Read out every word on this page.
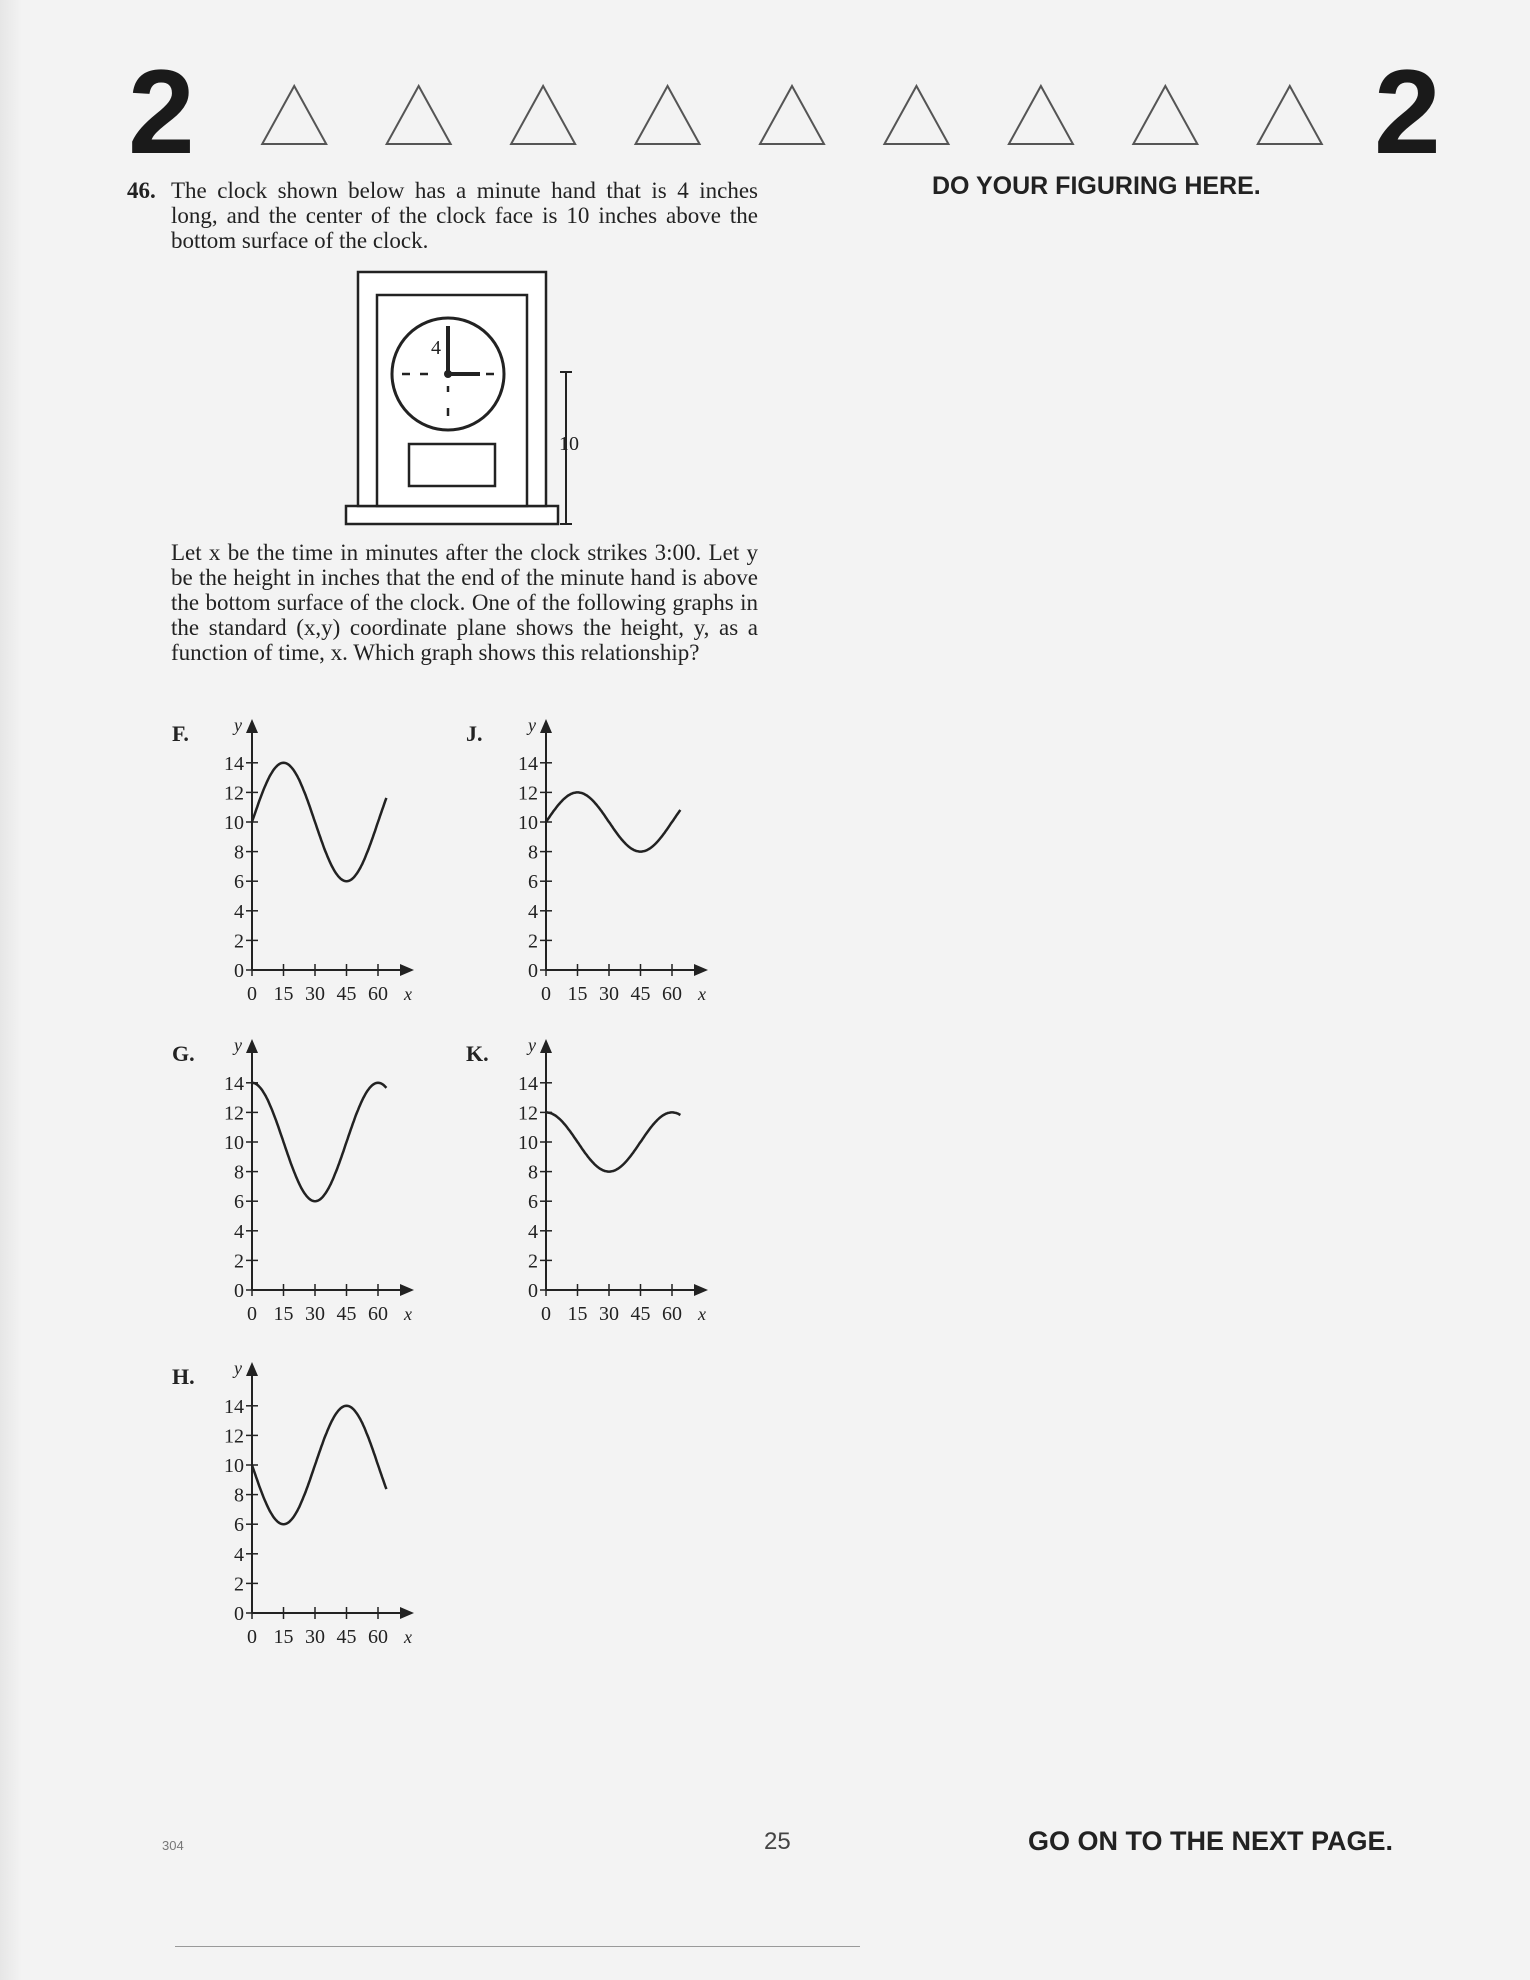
2	2
46. The clock shown below has a minute hand that is 4 inches long, and the center of the clock face is 10 inches above the bottom surface of the clock.
DO YOUR FIGURING HERE.
4
10
Let x be the time in minutes after the clock strikes 3:00. Let y be the height in inches that the end of the minute hand is above the bottom surface of the clock. One of the following graphs in the standard (x,y) coordinate plane shows the height, y, as a function of time, x. Which graph shows this relationship?
F.	y
x
0
2
4
6
8
10
12
14
0 15 30 45 60
J.	y
x
0
2
4
6
8
10
12
14
0 15 30 45 60
G. y
x
0
2
4
6
8
10
12
14
0 15 30 45 60
K. y
x
0
2
4
6
8
10
12
14
0 15 30 45 60
H. y
x
0
2
4
6
8
10
12
14
0 15 30 45 60
304	25	GO ON TO THE NEXT PAGE.
